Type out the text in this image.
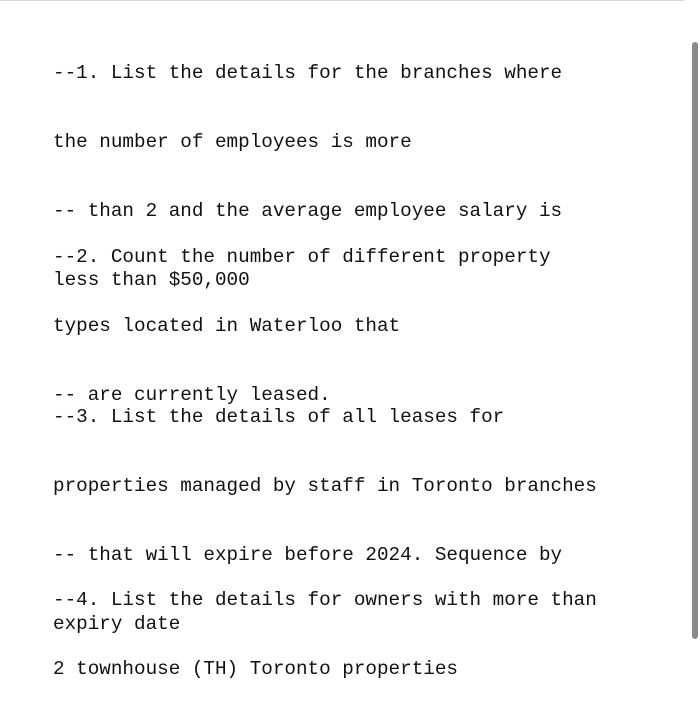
--1. List the details for the branches where

the number of employees is more

-- than 2 and the average employee salary is

less than $50,000

--2. Count the number of different property

types located in Waterloo that

-- are currently leased.

--3. List the details of all leases for

properties managed by staff in Toronto branches

-- that will expire before 2024. Sequence by

expiry date

--4. List the details for owners with more than

2 townhouse (TH) Toronto properties
